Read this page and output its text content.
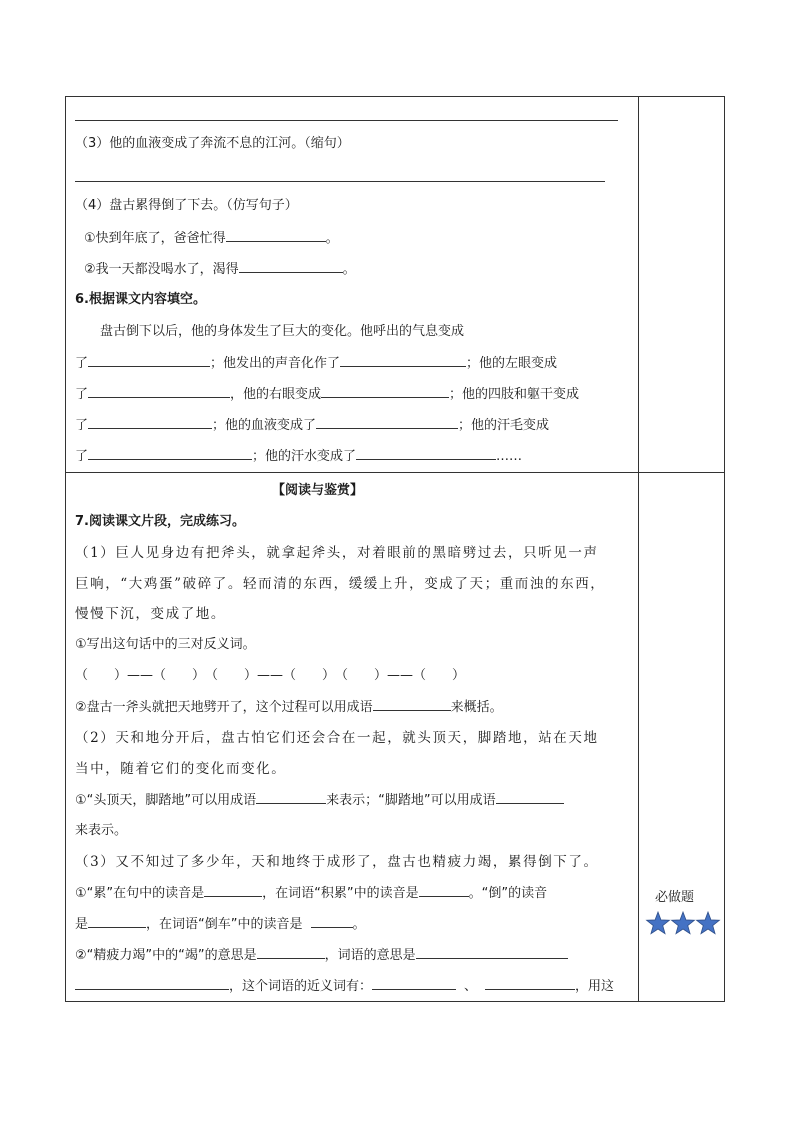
（3）他的血液变成了奔流不息的江河。（缩句）
（4）盘古累得倒了下去。（仿写句子）
①快到年底了，爸爸忙得	。
②我一天都没喝水了，渴得	。
6.根据课文内容填空。
盘古倒下以后，他的身体发生了巨大的变化。他呼出的气息变成
了	；他发出的声音化作了	；他的左眼变成
了	，他的右眼变成	；他的四肢和躯干变成
了	；他的血液变成了	；他的汗毛变成
了	；他的汗水变成了	……
【阅读与鉴赏】
7.阅读课文片段，完成练习。
（1）巨人见身边有把斧头，就拿起斧头，对着眼前的黑暗劈过去，只听见一声
巨响，“大鸡蛋”破碎了。轻而清的东西，缓缓上升，变成了天；重而浊的东西，
慢慢下沉，变成了地。
①写出这句话中的三对反义词。
（　　）——（　　）　（　　）——（　　）　（　　）——（　　）
②盘古一斧头就把天地劈开了，这个过程可以用成语	来概括。
（2）天和地分开后，盘古怕它们还会合在一起，就头顶天，脚踏地，站在天地
当中，随着它们的变化而变化。
①“头顶天，脚踏地”可以用成语	来表示；“脚踏地”可以用成语
来表示。
（3）又不知过了多少年，天和地终于成形了，盘古也精疲力竭，累得倒下了。
①“累”在句中的读音是	，在词语“积累”中的读音是	。“倒”的读音
是	，在词语“倒车”中的读音是	。
②“精疲力竭”中的“竭”的意思是	，词语的意思是
，这个词语的近义词有：	、	，用这
必做题
